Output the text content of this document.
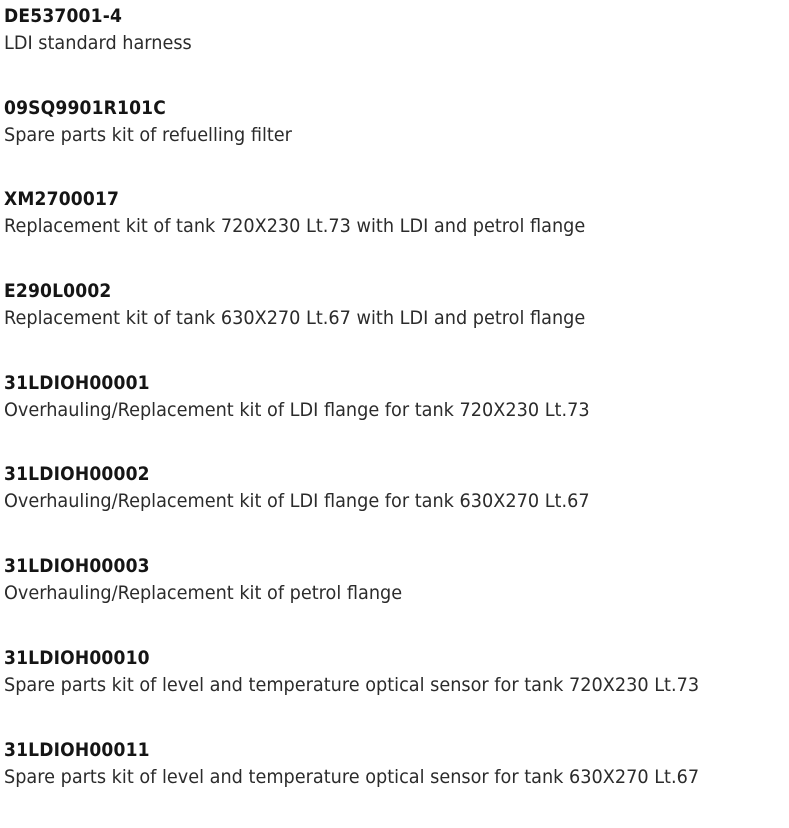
DE537001-4
LDI standard harness
09SQ9901R101C
Spare parts kit of refuelling filter
XM2700017
Replacement kit of tank 720X230 Lt.73 with LDI and petrol flange
E290L0002
Replacement kit of tank 630X270 Lt.67 with LDI and petrol flange
31LDIOH00001
Overhauling/Replacement kit of LDI flange for tank 720X230 Lt.73
31LDIOH00002
Overhauling/Replacement kit of LDI flange for tank 630X270 Lt.67
31LDIOH00003
Overhauling/Replacement kit of petrol flange
31LDIOH00010
Spare parts kit of level and temperature optical sensor for tank 720X230 Lt.73
31LDIOH00011
Spare parts kit of level and temperature optical sensor for tank 630X270 Lt.67
